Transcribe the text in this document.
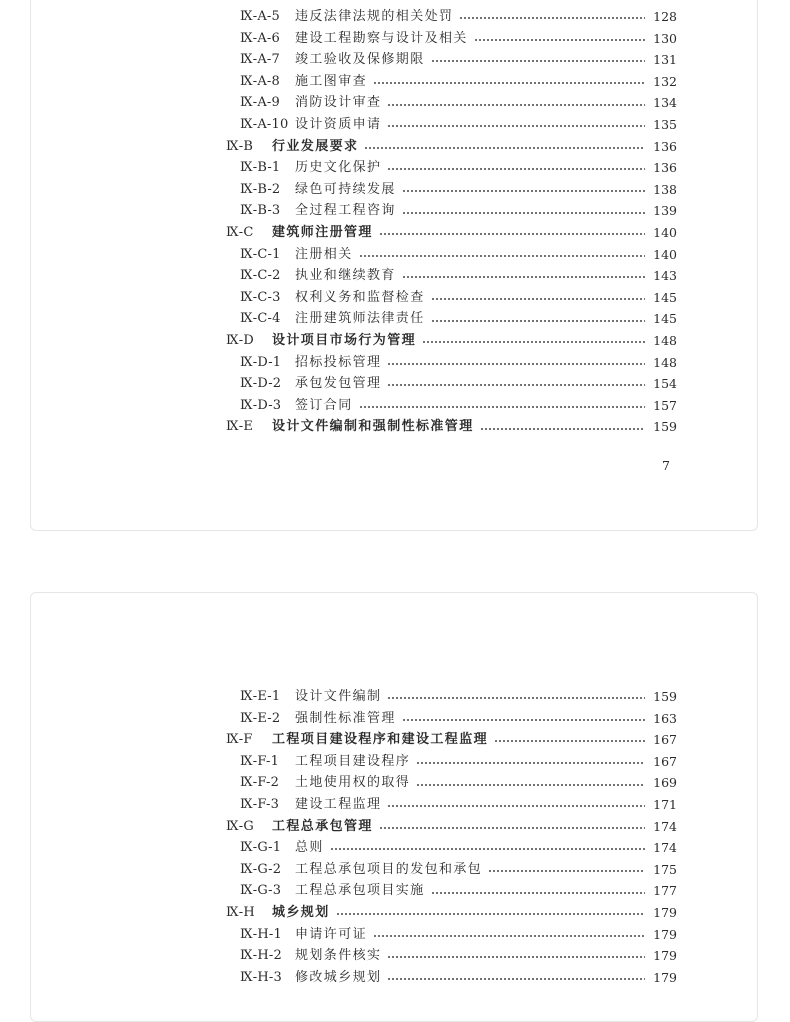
Ⅸ-A-5	违反法律法规的相关处罚	128
Ⅸ-A-6	建设工程勘察与设计及相关	130
Ⅸ-A-7	竣工验收及保修期限	131
Ⅸ-A-8	施工图审查	132
Ⅸ-A-9	消防设计审查	134
Ⅸ-A-10 设计资质申请	135
Ⅸ-B	行业发展要求	136
Ⅸ-B-1	历史文化保护	136
Ⅸ-B-2	绿色可持续发展	138
Ⅸ-B-3	全过程工程咨询	139
Ⅸ-C	建筑师注册管理	140
Ⅸ-C-1	注册相关	140
Ⅸ-C-2	执业和继续教育	143
Ⅸ-C-3	权利义务和监督检查	145
Ⅸ-C-4	注册建筑师法律责任	145
Ⅸ-D	设计项目市场行为管理	148
Ⅸ-D-1	招标投标管理	148
Ⅸ-D-2	承包发包管理	154
Ⅸ-D-3	签订合同	157
Ⅸ-E	设计文件编制和强制性标准管理	159
7
Ⅸ-E-1	设计文件编制	159
Ⅸ-E-2	强制性标准管理	163
Ⅸ-F	工程项目建设程序和建设工程监理	167
Ⅸ-F-1	工程项目建设程序	167
Ⅸ-F-2	土地使用权的取得	169
Ⅸ-F-3	建设工程监理	171
Ⅸ-G	工程总承包管理	174
Ⅸ-G-1	总则	174
Ⅸ-G-2	工程总承包项目的发包和承包	175
Ⅸ-G-3	工程总承包项目实施	177
Ⅸ-H	城乡规划	179
Ⅸ-H-1	申请许可证	179
Ⅸ-H-2	规划条件核实	179
Ⅸ-H-3	修改城乡规划	179
